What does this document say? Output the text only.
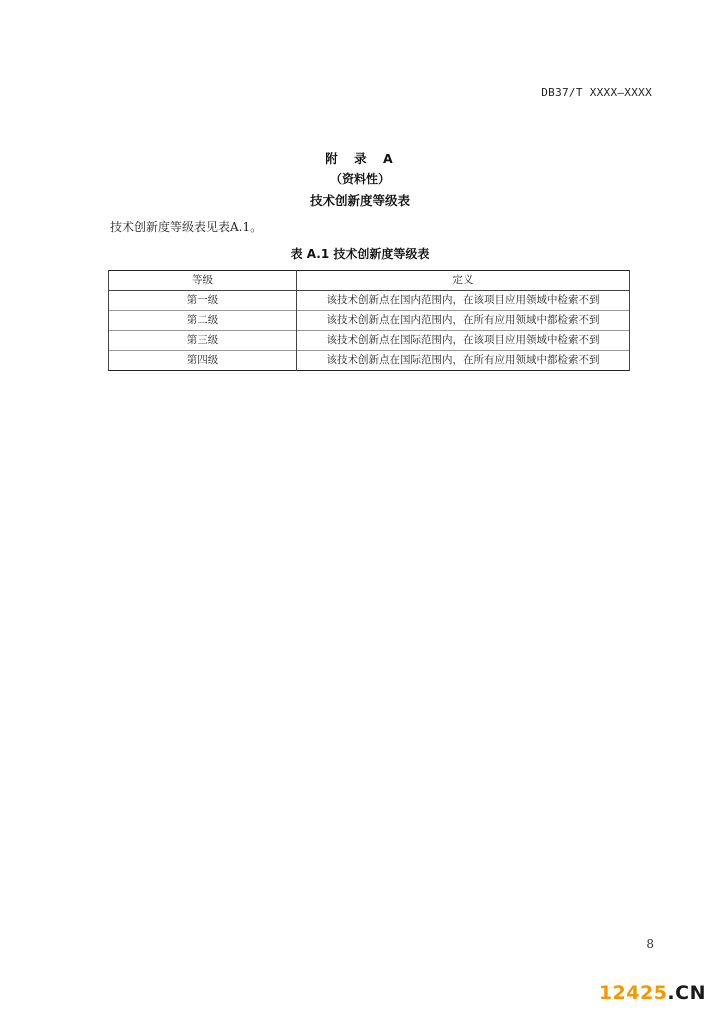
DB37/T XXXX—XXXX
附 录 A
（资料性）
技术创新度等级表
技术创新度等级表见表A.1。
表 A.1 技术创新度等级表
等级	定义
第一级	该技术创新点在国内范围内，在该项目应用领域中检索不到
第二级	该技术创新点在国内范围内，在所有应用领域中都检索不到
第三级	该技术创新点在国际范围内，在该项目应用领域中检索不到
第四级	该技术创新点在国际范围内，在所有应用领域中都检索不到
8
12425.CN
